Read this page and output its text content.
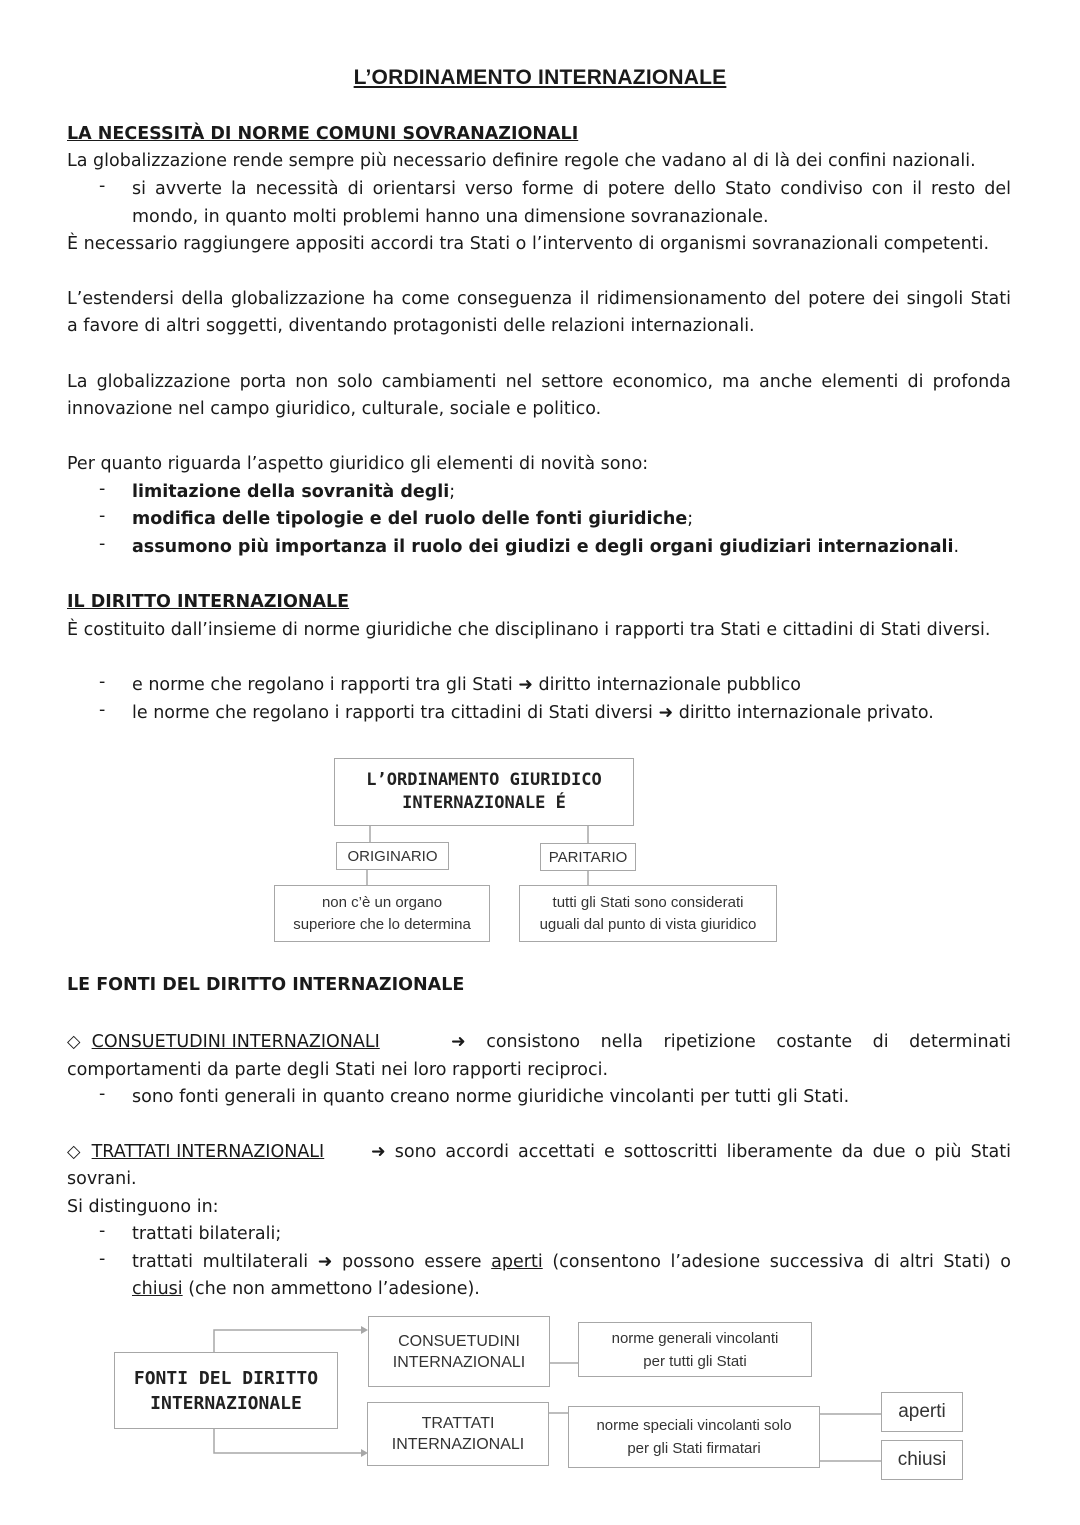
L’ORDINAMENTO INTERNAZIONALE
LA NECESSITÀ DI NORME COMUNI SOVRANAZIONALI
La globalizzazione rende sempre più necessario definire regole che vadano al di là dei confini nazionali.
- si avverte la necessità di orientarsi verso forme di potere dello Stato condiviso con il resto del
mondo, in quanto molti problemi hanno una dimensione sovranazionale.
È necessario raggiungere appositi accordi tra Stati o l’intervento di organismi sovranazionali competenti.
L’estendersi della globalizzazione ha come conseguenza il ridimensionamento del potere dei singoli Stati
a favore di altri soggetti, diventando protagonisti delle relazioni internazionali.
La globalizzazione porta non solo cambiamenti nel settore economico, ma anche elementi di profonda
innovazione nel campo giuridico, culturale, sociale e politico.
Per quanto riguarda l’aspetto giuridico gli elementi di novità sono:
- limitazione della sovranità degli;
- modifica delle tipologie e del ruolo delle fonti giuridiche;
- assumono più importanza il ruolo dei giudizi e degli organi giudiziari internazionali.
IL DIRITTO INTERNAZIONALE
È costituito dall’insieme di norme giuridiche che disciplinano i rapporti tra Stati e cittadini di Stati diversi.
- e norme che regolano i rapporti tra gli Stati ➜ diritto internazionale pubblico
- le norme che regolano i rapporti tra cittadini di Stati diversi ➜ diritto internazionale privato.
L’ORDINAMENTO GIURIDICO
INTERNAZIONALE É
ORIGINARIO	PARITARIO
non c’è un organo
superiore che lo determina
tutti gli Stati sono considerati
uguali dal punto di vista giuridico
LE FONTI DEL DIRITTO INTERNAZIONALE
◇ CONSUETUDINI INTERNAZIONALI	➜ consistono nella ripetizione costante di determinati
comportamenti da parte degli Stati nei loro rapporti reciproci.
- sono fonti generali in quanto creano norme giuridiche vincolanti per tutti gli Stati.
◇ TRATTATI INTERNAZIONALI	➜ sono accordi accettati e sottoscritti liberamente da due o più Stati
sovrani.
Si distinguono in:
- trattati bilaterali;
- trattati multilaterali ➜ possono essere aperti (consentono l’adesione successiva di altri Stati) o
chiusi (che non ammettono l’adesione).
FONTI DEL DIRITTO
INTERNAZIONALE
CONSUETUDINI
INTERNAZIONALI
norme generali vincolanti
per tutti gli Stati
TRATTATI
INTERNAZIONALI
norme speciali vincolanti solo
per gli Stati firmatari
aperti
chiusi
